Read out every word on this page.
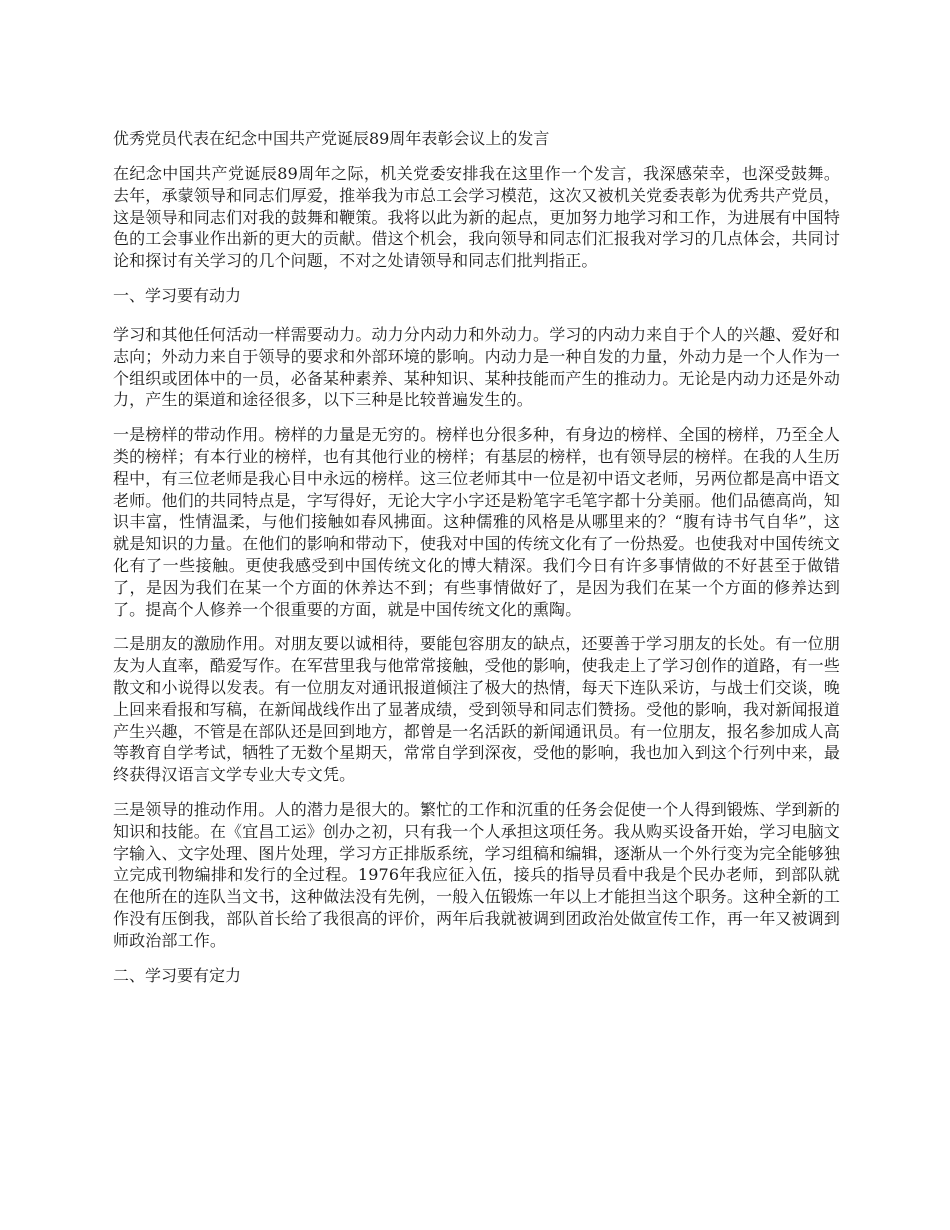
优秀党员代表在纪念中国共产党诞辰89周年表彰会议上的发言

在纪念中国共产党诞辰89周年之际，机关党委安排我在这里作一个发言，我深感荣幸，也深受鼓舞。去年，承蒙领导和同志们厚爱，推举我为市总工会学习模范，这次又被机关党委表彰为优秀共产党员，这是领导和同志们对我的鼓舞和鞭策。我将以此为新的起点，更加努力地学习和工作，为进展有中国特色的工会事业作出新的更大的贡献。借这个机会，我向领导和同志们汇报我对学习的几点体会，共同讨论和探讨有关学习的几个问题，不对之处请领导和同志们批判指正。

一、学习要有动力

学习和其他任何活动一样需要动力。动力分内动力和外动力。学习的内动力来自于个人的兴趣、爱好和志向；外动力来自于领导的要求和外部环境的影响。内动力是一种自发的力量，外动力是一个人作为一个组织或团体中的一员，必备某种素养、某种知识、某种技能而产生的推动力。无论是内动力还是外动力，产生的渠道和途径很多，以下三种是比较普遍发生的。

一是榜样的带动作用。榜样的力量是无穷的。榜样也分很多种，有身边的榜样、全国的榜样，乃至全人类的榜样；有本行业的榜样，也有其他行业的榜样；有基层的榜样，也有领导层的榜样。在我的人生历程中，有三位老师是我心目中永远的榜样。这三位老师其中一位是初中语文老师，另两位都是高中语文老师。他们的共同特点是，字写得好，无论大字小字还是粉笔字毛笔字都十分美丽。他们品德高尚，知识丰富，性情温柔，与他们接触如春风拂面。这种儒雅的风格是从哪里来的？“腹有诗书气自华”，这就是知识的力量。在他们的影响和带动下，使我对中国的传统文化有了一份热爱。也使我对中国传统文化有了一些接触。更使我感受到中国传统文化的博大精深。我们今日有许多事情做的不好甚至于做错了，是因为我们在某一个方面的休养达不到；有些事情做好了，是因为我们在某一个方面的修养达到了。提高个人修养一个很重要的方面，就是中国传统文化的熏陶。

二是朋友的激励作用。对朋友要以诚相待，要能包容朋友的缺点，还要善于学习朋友的长处。有一位朋友为人直率，酷爱写作。在军营里我与他常常接触，受他的影响，使我走上了学习创作的道路，有一些散文和小说得以发表。有一位朋友对通讯报道倾注了极大的热情，每天下连队采访，与战士们交谈，晚上回来看报和写稿，在新闻战线作出了显著成绩，受到领导和同志们赞扬。受他的影响，我对新闻报道产生兴趣，不管是在部队还是回到地方，都曾是一名活跃的新闻通讯员。有一位朋友，报名参加成人高等教育自学考试，牺牲了无数个星期天，常常自学到深夜，受他的影响，我也加入到这个行列中来，最终获得汉语言文学专业大专文凭。

三是领导的推动作用。人的潜力是很大的。繁忙的工作和沉重的任务会促使一个人得到锻炼、学到新的知识和技能。在《宜昌工运》创办之初，只有我一个人承担这项任务。我从购买设备开始，学习电脑文字输入、文字处理、图片处理，学习方正排版系统，学习组稿和编辑，逐渐从一个外行变为完全能够独立完成刊物编排和发行的全过程。1976年我应征入伍，接兵的指导员看中我是个民办老师，到部队就在他所在的连队当文书，这种做法没有先例，一般入伍锻炼一年以上才能担当这个职务。这种全新的工作没有压倒我，部队首长给了我很高的评价，两年后我就被调到团政治处做宣传工作，再一年又被调到师政治部工作。

二、学习要有定力
